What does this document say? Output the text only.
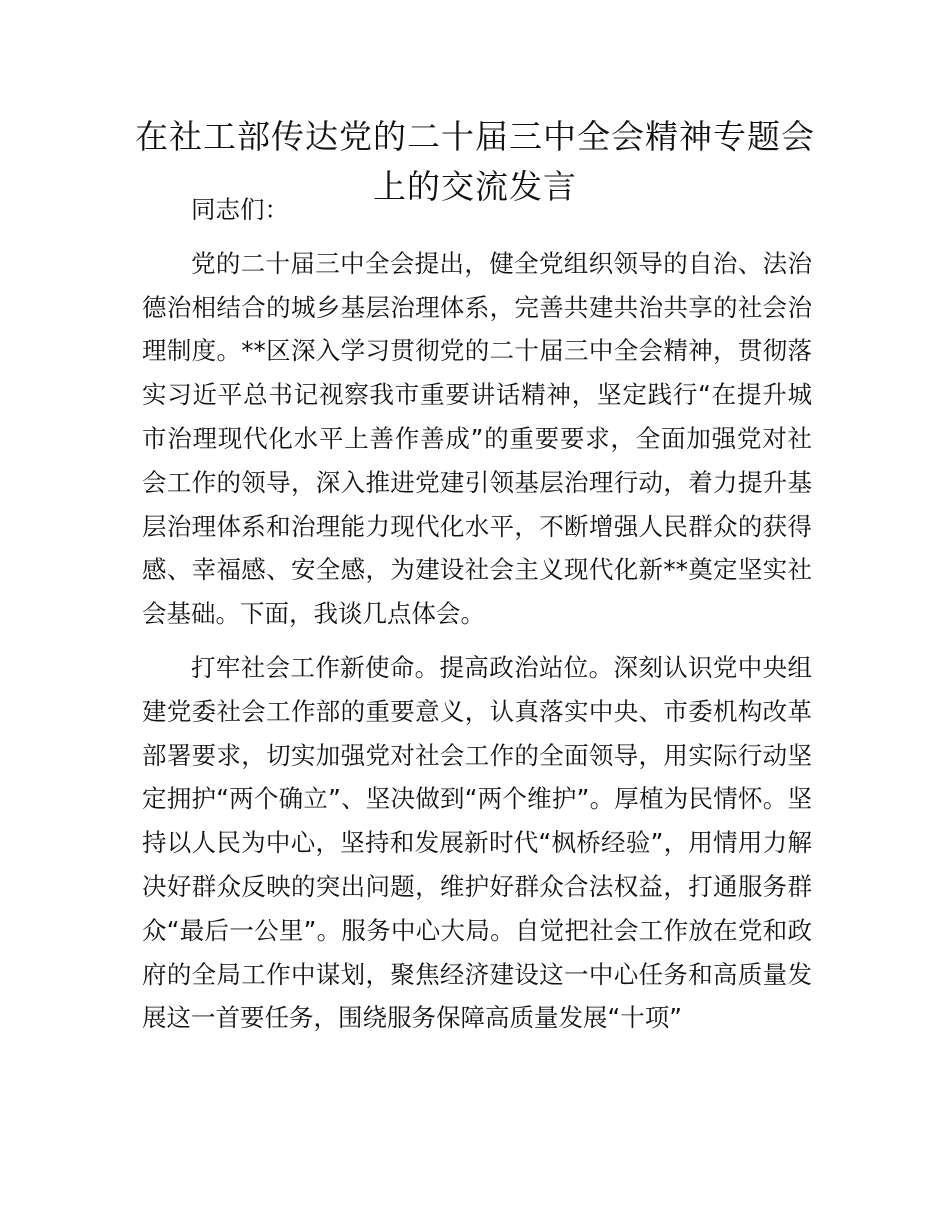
在社工部传达党的二十届三中全会精神专题会上的交流发言

同志们：

党的二十届三中全会提出，健全党组织领导的自治、法治德治相结合的城乡基层治理体系，完善共建共治共享的社会治理制度。**区深入学习贯彻党的二十届三中全会精神，贯彻落实习近平总书记视察我市重要讲话精神，坚定践行“在提升城市治理现代化水平上善作善成”的重要要求，全面加强党对社会工作的领导，深入推进党建引领基层治理行动，着力提升基层治理体系和治理能力现代化水平，不断增强人民群众的获得感、幸福感、安全感，为建设社会主义现代化新**奠定坚实社会基础。下面，我谈几点体会。

打牢社会工作新使命。提高政治站位。深刻认识党中央组建党委社会工作部的重要意义，认真落实中央、市委机构改革部署要求，切实加强党对社会工作的全面领导，用实际行动坚定拥护“两个确立”、坚决做到“两个维护”。厚植为民情怀。坚持以人民为中心，坚持和发展新时代“枫桥经验”，用情用力解决好群众反映的突出问题，维护好群众合法权益，打通服务群众“最后一公里”。服务中心大局。自觉把社会工作放在党和政府的全局工作中谋划，聚焦经济建设这一中心任务和高质量发展这一首要任务，围绕服务保障高质量发展“十项”
